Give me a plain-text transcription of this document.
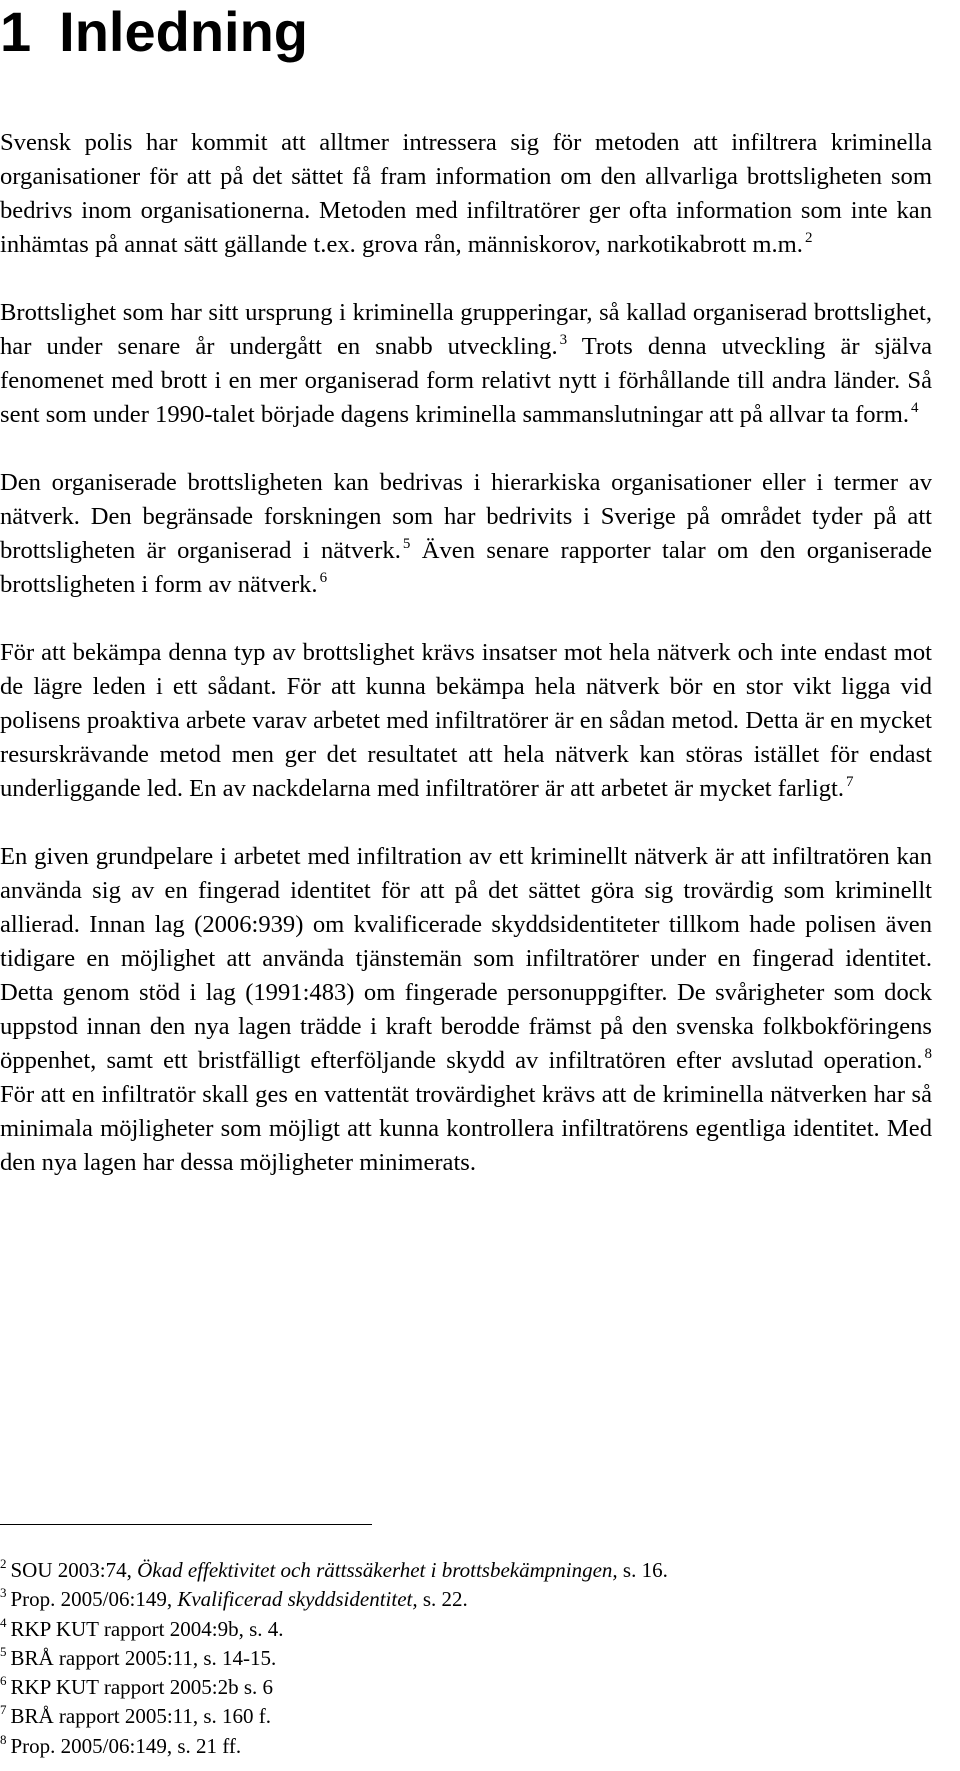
1 Inledning

Svensk polis har kommit att alltmer intressera sig för metoden att infiltrera kriminella organisationer för att på det sättet få fram information om den allvarliga brottsligheten som bedrivs inom organisationerna. Metoden med infiltratörer ger ofta information som inte kan inhämtas på annat sätt gällande t.ex. grova rån, människorov, narkotikabrott m.m. $^2$

Brottslighet som har sitt ursprung i kriminella grupperingar, så kallad organiserad brottslighet, har under senare år undergått en snabb utveckling. $^3$ Trots denna utveckling är själva fenomenet med brott i en mer organiserad form relativt nytt i förhållande till andra länder. Så sent som under 1990-talet började dagens kriminella sammanslutningar att på allvar ta form. $^4$

Den organiserade brottsligheten kan bedrivas i hierarkiska organisationer eller i termer av nätverk. Den begränsade forskningen som har bedrivits i Sverige på området tyder på att brottsligheten är organiserad i nätverk. $^5$ Även senare rapporter talar om den organiserade brottsligheten i form av nätverk. $^6$

För att bekämpa denna typ av brottslighet krävs insatser mot hela nätverk och inte endast mot de lägre leden i ett sådant. För att kunna bekämpa hela nätverk bör en stor vikt ligga vid polisens proaktiva arbete varav arbetet med infiltratörer är en sådan metod. Detta är en mycket resurskrävande metod men ger det resultatet att hela nätverk kan störas istället för endast underliggande led. En av nackdelarna med infiltratörer är att arbetet är mycket farligt. $^7$

En given grundpelare i arbetet med infiltration av ett kriminellt nätverk är att infiltratören kan använda sig av en fingerad identitet för att på det sättet göra sig trovärdig som kriminellt allierad. Innan lag (2006:939) om kvalificerade skyddsidentiteter tillkom hade polisen även tidigare en möjlighet att använda tjänstemän som infiltratörer under en fingerad identitet. Detta genom stöd i lag (1991:483) om fingerade personuppgifter. De svårigheter som dock uppstod innan den nya lagen trädde i kraft berodde främst på den svenska folkbokföringens öppenhet, samt ett bristfälligt efterföljande skydd av infiltratören efter avslutad operation. $^8$ För att en infiltratör skall ges en vattentät trovärdighet krävs att de kriminella nätverken har så minimala möjligheter som möjligt att kunna kontrollera infiltratörens egentliga identitet. Med den nya lagen har dessa möjligheter minimerats.

$^2$ SOU 2003:74, Ökad effektivitet och rättssäkerhet i brottsbekämpningen, s. 16.
$^3$ Prop. 2005/06:149, Kvalificerad skyddsidentitet, s. 22.
$^4$ RKP KUT rapport 2004:9b, s. 4.
$^5$ BRÅ rapport 2005:11, s. 14-15.
$^6$ RKP KUT rapport 2005:2b s. 6
$^7$ BRÅ rapport 2005:11, s. 160 f.
$^8$ Prop. 2005/06:149, s. 21 ff.
